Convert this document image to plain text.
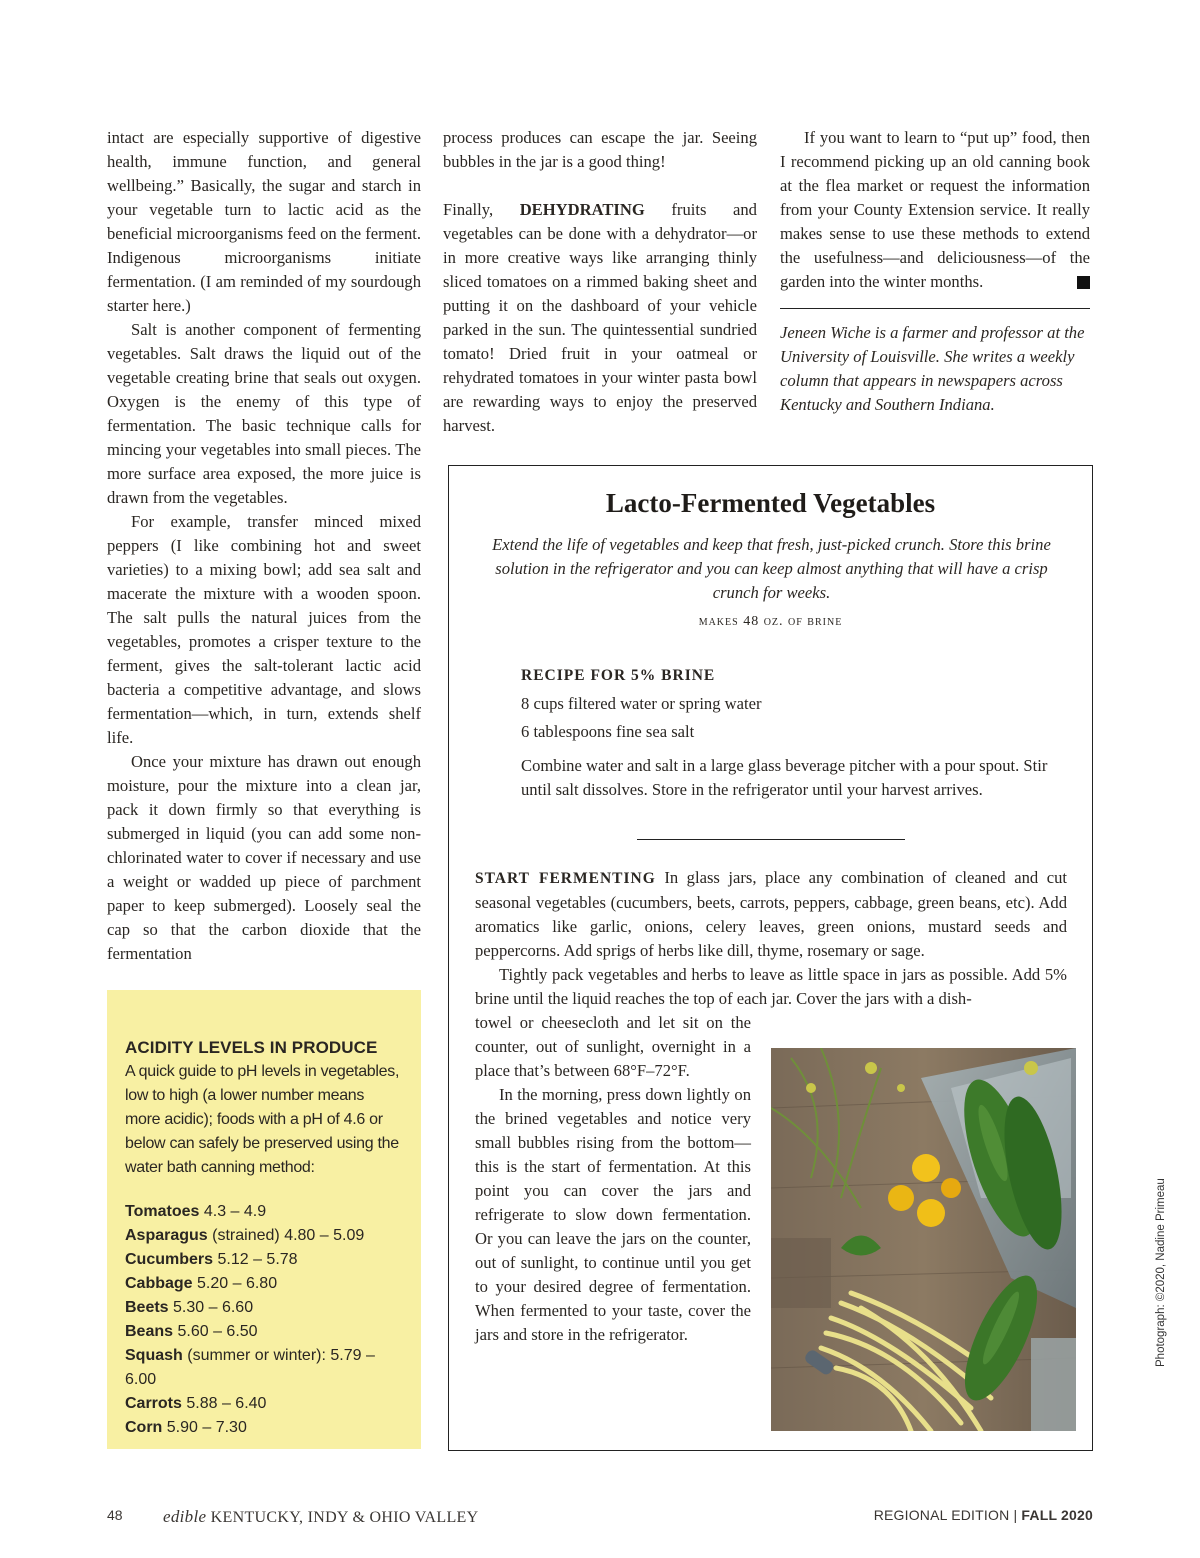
intact are especially supportive of digestive health, immune function, and general wellbeing.” Basically, the sugar and starch in your vegetable turn to lactic acid as the beneficial microorganisms feed on the ferment. Indigenous microorganisms initiate fermentation. (I am reminded of my sourdough starter here.)

Salt is another component of fermenting vegetables. Salt draws the liquid out of the vegetable creating brine that seals out oxygen. Oxygen is the enemy of this type of fermentation. The basic technique calls for mincing your vegetables into small pieces. The more surface area exposed, the more juice is drawn from the vegetables.

For example, transfer minced mixed peppers (I like combining hot and sweet varieties) to a mixing bowl; add sea salt and macerate the mixture with a wooden spoon. The salt pulls the natural juices from the vegetables, promotes a crisper texture to the ferment, gives the salt-tolerant lactic acid bacteria a competitive advantage, and slows fermentation—which, in turn, extends shelf life.

Once your mixture has drawn out enough moisture, pour the mixture into a clean jar, pack it down firmly so that everything is submerged in liquid (you can add some non-chlorinated water to cover if necessary and use a weight or wadded up piece of parchment paper to keep submerged). Loosely seal the cap so that the carbon dioxide that the fermentation

process produces can escape the jar. Seeing bubbles in the jar is a good thing!

Finally, DEHYDRATING fruits and vegetables can be done with a dehydrator—or in more creative ways like arranging thinly sliced tomatoes on a rimmed baking sheet and putting it on the dashboard of your vehicle parked in the sun. The quintessential sundried tomato! Dried fruit in your oatmeal or rehydrated tomatoes in your winter pasta bowl are rewarding ways to enjoy the preserved harvest.

If you want to learn to “put up” food, then I recommend picking up an old canning book at the flea market or request the information from your County Extension service. It really makes sense to use these methods to extend the usefulness—and deliciousness—of the garden into the winter months.

Jeneen Wiche is a farmer and professor at the University of Louisville. She writes a weekly column that appears in newspapers across Kentucky and Southern Indiana.

ACIDITY LEVELS IN PRODUCE

A quick guide to pH levels in vegetables, low to high (a lower number means more acidic); foods with a pH of 4.6 or below can safely be preserved using the water bath canning method:

Tomatoes 4.3 – 4.9
Asparagus (strained) 4.80 – 5.09
Cucumbers 5.12 – 5.78
Cabbage 5.20 – 6.80
Beets 5.30 – 6.60
Beans 5.60 – 6.50
Squash (summer or winter): 5.79 – 6.00
Carrots 5.88 – 6.40
Corn 5.90 – 7.30
Lacto-Fermented Vegetables
Extend the life of vegetables and keep that fresh, just-picked crunch. Store this brine solution in the refrigerator and you can keep almost anything that will have a crisp crunch for weeks.
makes 48 oz. of brine
RECIPE FOR 5% BRINE

8 cups filtered water or spring water

6 tablespoons fine sea salt

Combine water and salt in a large glass beverage pitcher with a pour spout. Stir until salt dissolves. Store in the refrigerator until your harvest arrives.

START FERMENTING In glass jars, place any combination of cleaned and cut seasonal vegetables (cucumbers, beets, carrots, peppers, cabbage, green beans, etc). Add aromatics like garlic, onions, celery leaves, green onions, mustard seeds and peppercorns. Add sprigs of herbs like dill, thyme, rosemary or sage.

Tightly pack vegetables and herbs to leave as little space in jars as possible. Add 5% brine until the liquid reaches the top of each jar. Cover the jars with a dish-

towel or cheesecloth and let sit on the counter, out of sunlight, overnight in a place that’s between 68°F–72°F.

In the morning, press down lightly on the brined vegetables and notice very small bubbles rising from the bottom—this is the start of fermentation. At this point you can cover the jars and refrigerate to slow down fermentation. Or you can leave the jars on the counter, out of sunlight, to continue until you get to your desired degree of fermentation. When fermented to your taste, cover the jars and store in the refrigerator.	Photograph: ©2020, Nadine Primeau
48 edible KENTUCKY, INDY & OHIO VALLEY	REGIONAL EDITION | FALL 2020
